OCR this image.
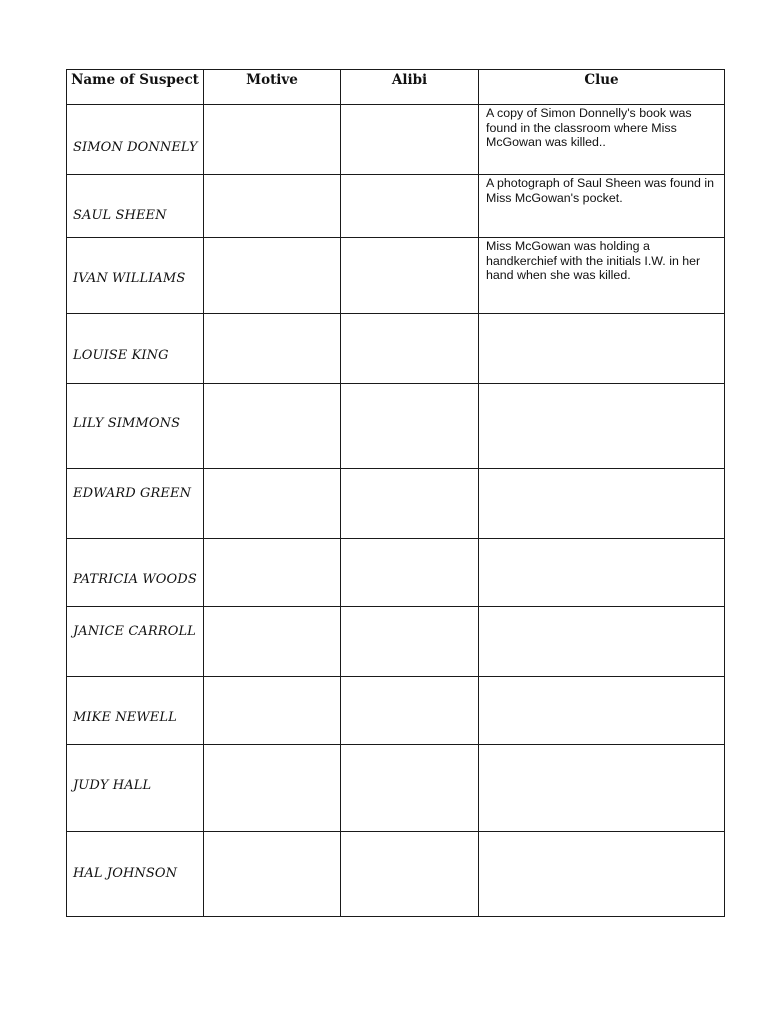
Name of Suspect	Motive	Alibi	Clue

SIMON DONNELY			A copy of Simon Donnelly's book was found in the classroom where Miss McGowan was killed..

SAUL SHEEN			A photograph of Saul Sheen was found in Miss McGowan's pocket.

IVAN WILLIAMS			Miss McGowan was holding a handkerchief with the initials I.W. in her hand when she was killed.

LOUISE KING			

LILY SIMMONS			

EDWARD GREEN			

PATRICIA WOODS			

JANICE CARROLL			

MIKE NEWELL			

JUDY HALL			

HAL JOHNSON			
